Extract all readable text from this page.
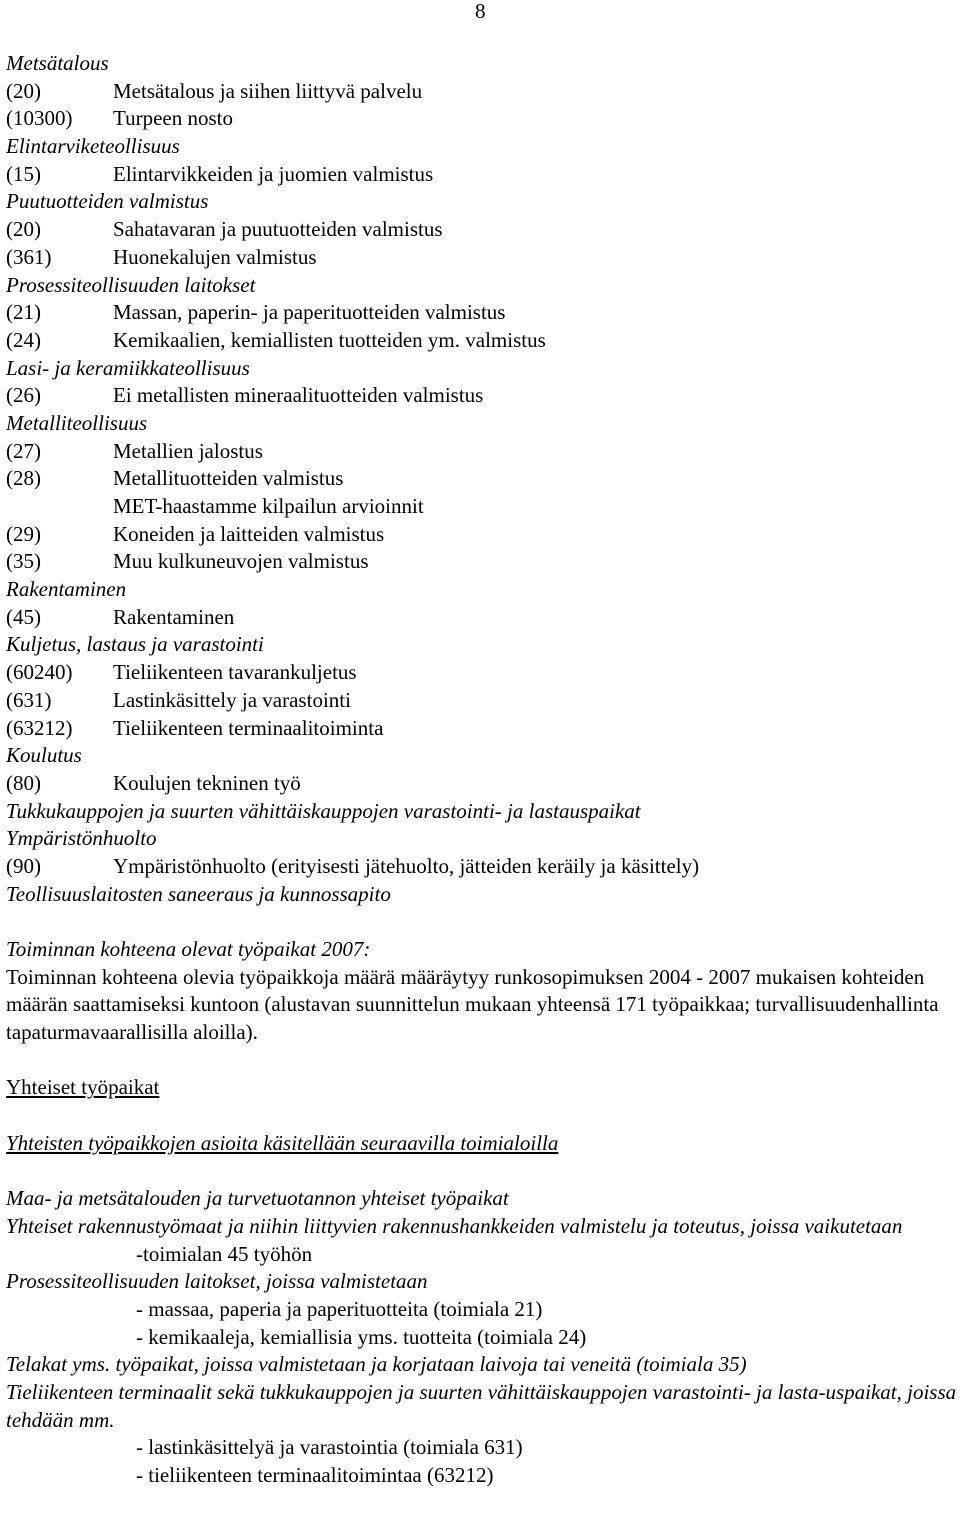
8
Metsätalous
(20)	Metsätalous ja siihen liittyvä palvelu
(10300)	Turpeen nosto
Elintarviketeollisuus
(15)	Elintarvikkeiden ja juomien valmistus
Puutuotteiden valmistus
(20)	Sahatavaran ja puutuotteiden valmistus
(361)	Huonekalujen valmistus
Prosessiteollisuuden laitokset
(21)	Massan, paperin- ja paperituotteiden valmistus
(24)	Kemikaalien, kemiallisten tuotteiden ym. valmistus
Lasi- ja keramiikkateollisuus
(26)	Ei metallisten mineraalituotteiden valmistus
Metalliteollisuus
(27)	Metallien jalostus
(28)	Metallituotteiden valmistus
MET-haastamme kilpailun arvioinnit
(29)	Koneiden ja laitteiden valmistus
(35)	Muu kulkuneuvojen valmistus
Rakentaminen
(45)	Rakentaminen
Kuljetus, lastaus ja varastointi
(60240)	Tieliikenteen tavarankuljetus
(631)	Lastinkäsittely ja varastointi
(63212)	Tieliikenteen terminaalitoiminta
Koulutus
(80)	Koulujen tekninen työ
Tukkukauppojen ja suurten vähittäiskauppojen varastointi- ja lastauspaikat
Ympäristönhuolto
(90)	Ympäristönhuolto (erityisesti jätehuolto, jätteiden keräily ja käsittely)
Teollisuuslaitosten saneeraus ja kunnossapito
Toiminnan kohteena olevat työpaikat 2007:
Toiminnan kohteena olevia työpaikkoja määrä määräytyy runkosopimuksen 2004 - 2007 mukaisen kohteiden määrän saattamiseksi kuntoon (alustavan suunnittelun mukaan yhteensä 171 työpaikkaa; turvallisuudenhallinta tapaturmavaarallisilla aloilla).
Yhteiset työpaikat
Yhteisten työpaikkojen asioita käsitellään seuraavilla toimialoilla
Maa- ja metsätalouden ja turvetuotannon yhteiset työpaikat
Yhteiset rakennustyömaat ja niihin liittyvien rakennushankkeiden valmistelu ja toteutus, joissa vaikutetaan
-toimialan 45 työhön
Prosessiteollisuuden laitokset, joissa valmistetaan
- massaa, paperia ja paperituotteita (toimiala 21)
- kemikaaleja, kemiallisia yms. tuotteita (toimiala 24)
Telakat yms. työpaikat, joissa valmistetaan ja korjataan laivoja tai veneitä (toimiala 35)
Tieliikenteen terminaalit sekä tukkukauppojen ja suurten vähittäiskauppojen varastointi- ja lasta-uspaikat, joissa tehdään mm.
- lastinkäsittelyä ja varastointia (toimiala 631)
- tieliikenteen terminaalitoimintaa (63212)
